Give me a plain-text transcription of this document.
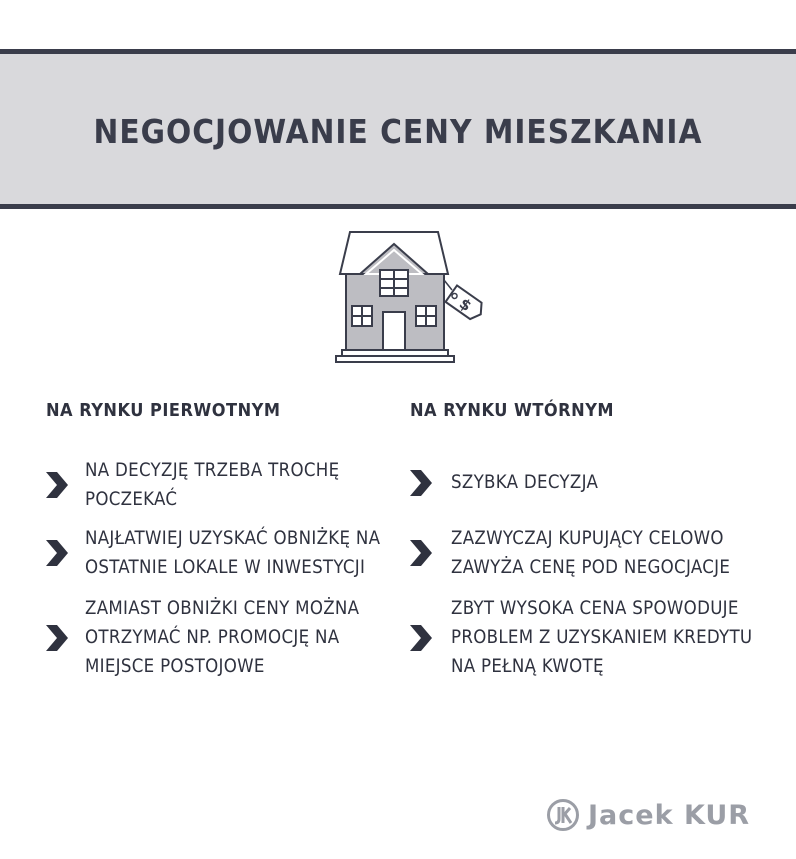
NEGOCJOWANIE CENY MIESZKANIA
$
NA RYNKU PIERWOTNYM
NA DECYZJĘ TRZEBA TROCHĘ
POCZEKAĆ
NAJŁATWIEJ UZYSKAĆ OBNIŻKĘ NA
OSTATNIE LOKALE W INWESTYCJI
ZAMIAST OBNIŻKI CENY MOŻNA
OTRZYMAĆ NP. PROMOCJĘ NA
MIEJSCE POSTOJOWE
NA RYNKU WTÓRNYM
SZYBKA DECYZJA
ZAZWYCZAJ KUPUJĄCY CELOWO
ZAWYŻA CENĘ POD NEGOCJACJE
ZBYT WYSOKA CENA SPOWODUJE
PROBLEM Z UZYSKANIEM KREDYTU
NA PEŁNĄ KWOTĘ
Jacek KUR
